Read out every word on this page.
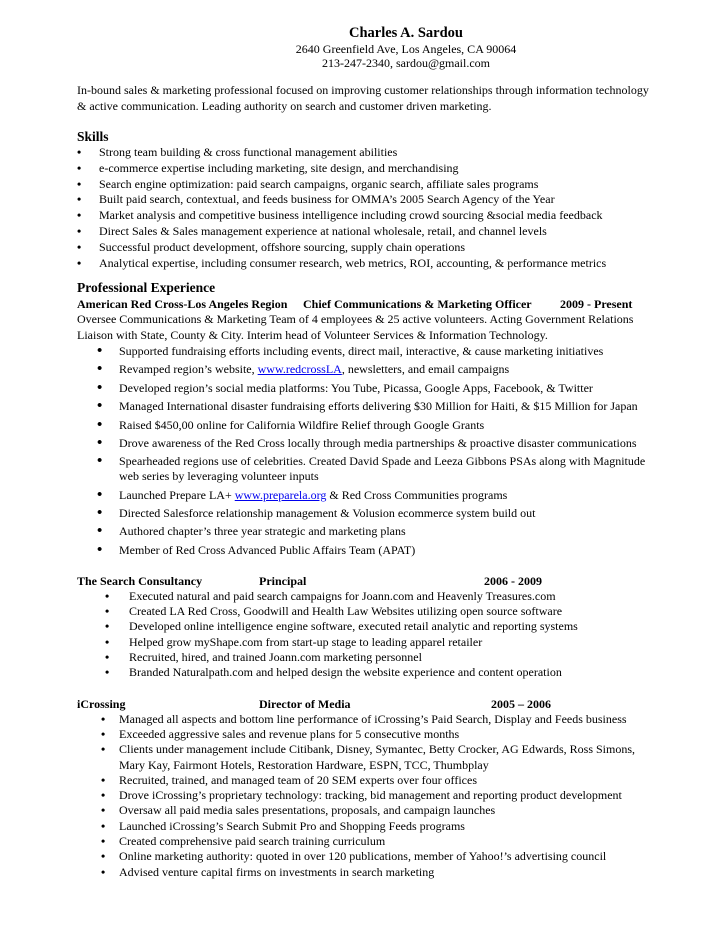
Charles A. Sardou
2640 Greenfield Ave, Los Angeles, CA 90064
213-247-2340, sardou@gmail.com
In-bound sales & marketing professional focused on improving customer relationships through information technology & active communication. Leading authority on search and customer driven marketing.
Skills
• Strong team building & cross functional management abilities
• e-commerce expertise including marketing, site design, and merchandising
• Search engine optimization: paid search campaigns, organic search, affiliate sales programs
• Built paid search, contextual, and feeds business for OMMA’s 2005 Search Agency of the Year
• Market analysis and competitive business intelligence including crowd sourcing &social media feedback
• Direct Sales & Sales management experience at national wholesale, retail, and channel levels
• Successful product development, offshore sourcing, supply chain operations
• Analytical expertise, including consumer research, web metrics, ROI, accounting, & performance metrics
Professional Experience
American Red Cross-Los Angeles Region Chief Communications & Marketing Officer 2009 - Present
Oversee Communications & Marketing Team of 4 employees & 25 active volunteers. Acting Government Relations Liaison with State, County & City. Interim head of Volunteer Services & Information Technology.
• Supported fundraising efforts including events, direct mail, interactive, & cause marketing initiatives
• Revamped region’s website, www.redcrossLA, newsletters, and email campaigns
• Developed region’s social media platforms: You Tube, Picassa, Google Apps, Facebook, & Twitter
• Managed International disaster fundraising efforts delivering $30 Million for Haiti, & $15 Million for Japan
• Raised $450,00 online for California Wildfire Relief through Google Grants
• Drove awareness of the Red Cross locally through media partnerships & proactive disaster communications
• Spearheaded regions use of celebrities. Created David Spade and Leeza Gibbons PSAs along with Magnitude web series by leveraging volunteer inputs
• Launched Prepare LA+ www.preparela.org & Red Cross Communities programs
• Directed Salesforce relationship management & Volusion ecommerce system build out
• Authored chapter’s three year strategic and marketing plans
• Member of Red Cross Advanced Public Affairs Team (APAT)
The Search Consultancy	Principal	2006 - 2009
• Executed natural and paid search campaigns for Joann.com and Heavenly Treasures.com
• Created LA Red Cross, Goodwill and Health Law Websites utilizing open source software
• Developed online intelligence engine software, executed retail analytic and reporting systems
• Helped grow myShape.com from start-up stage to leading apparel retailer
• Recruited, hired, and trained Joann.com marketing personnel
• Branded Naturalpath.com and helped design the website experience and content operation
iCrossing	Director of Media	2005 – 2006
• Managed all aspects and bottom line performance of iCrossing’s Paid Search, Display and Feeds business
• Exceeded aggressive sales and revenue plans for 5 consecutive months
• Clients under management include Citibank, Disney, Symantec, Betty Crocker, AG Edwards, Ross Simons, Mary Kay, Fairmont Hotels, Restoration Hardware, ESPN, TCC, Thumbplay
• Recruited, trained, and managed team of 20 SEM experts over four offices
• Drove iCrossing’s proprietary technology: tracking, bid management and reporting product development
• Oversaw all paid media sales presentations, proposals, and campaign launches
• Launched iCrossing’s Search Submit Pro and Shopping Feeds programs
• Created comprehensive paid search training curriculum
• Online marketing authority: quoted in over 120 publications, member of Yahoo!’s advertising council
• Advised venture capital firms on investments in search marketing
